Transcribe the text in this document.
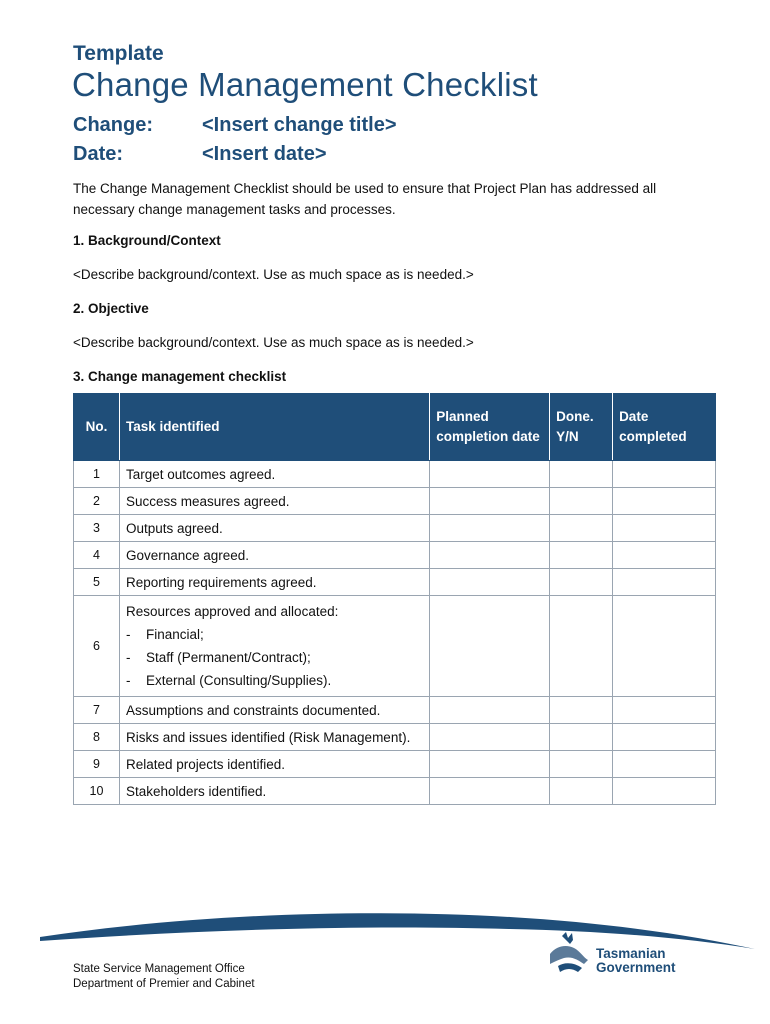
Template
Change Management Checklist
Change: <Insert change title>
Date:	<Insert date>

The Change Management Checklist should be used to ensure that Project Plan has addressed all necessary change management tasks and processes.

1. Background/Context

<Describe background/context. Use as much space as is needed.>

2. Objective

<Describe background/context. Use as much space as is needed.>

3. Change management checklist

No.	Task identified	Planned completion date	Done. Y/N	Date completed
1	Target outcomes agreed.			
2	Success measures agreed.			
3	Outputs agreed.			
4	Governance agreed.			
5	Reporting requirements agreed.			
6	Resources approved and allocated:
- Financial;
- Staff (Permanent/Contract);
- External (Consulting/Supplies).			

7	Assumptions and constraints documented.			
8	Risks and issues identified (Risk Management).			
9	Related projects identified.			
10	Stakeholders identified.			
State Service Management Office
Department of Premier and Cabinet
Tasmanian
Government
